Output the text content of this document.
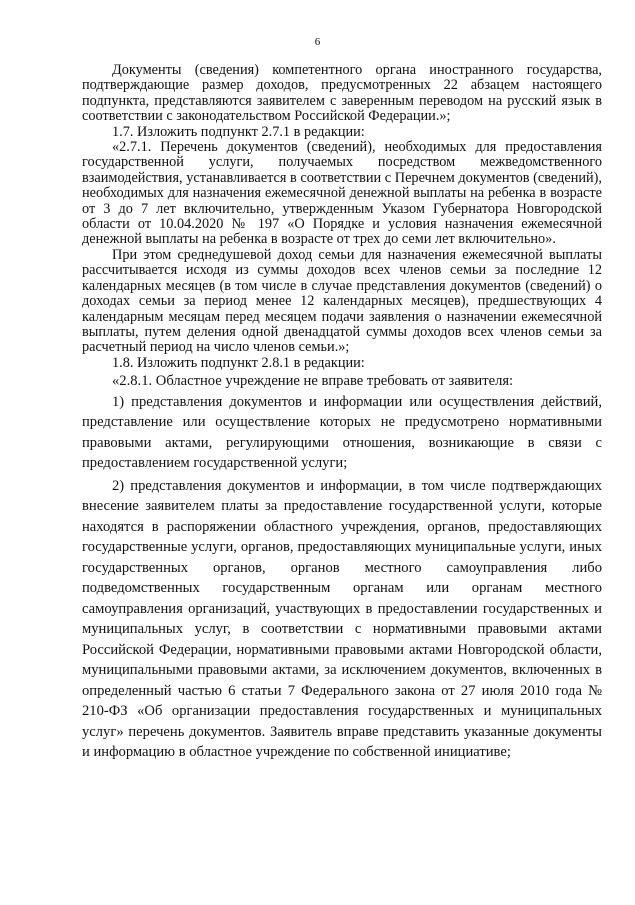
6

Документы (сведения) компетентного органа иностранного государства, подтверждающие размер доходов, предусмотренных 22 абзацем настоящего подпункта, представляются заявителем с заверенным переводом на русский язык в соответствии с законодательством Российской Федерации.»;

1.7. Изложить подпункт 2.7.1 в редакции:

«2.7.1. Перечень документов (сведений), необходимых для предоставления государственной услуги, получаемых посредством межведомственного взаимодействия, устанавливается в соответствии с Перечнем документов (сведений), необходимых для назначения ежемесячной денежной выплаты на ребенка в возрасте от 3 до 7 лет включительно, утвержденным Указом Губернатора Новгородской области от 10.04.2020 № 197 «О Порядке и условия назначения ежемесячной денежной выплаты на ребенка в возрасте от трех до семи лет включительно».

При этом среднедушевой доход семьи для назначения ежемесячной выплаты рассчитывается исходя из суммы доходов всех членов семьи за последние 12 календарных месяцев (в том числе в случае представления документов (сведений) о доходах семьи за период менее 12 календарных месяцев), предшествующих 4 календарным месяцам перед месяцем подачи заявления о назначении ежемесячной выплаты, путем деления одной двенадцатой суммы доходов всех членов семьи за расчетный период на число членов семьи.»;

1.8. Изложить подпункт 2.8.1 в редакции:

«2.8.1. Областное учреждение не вправе требовать от заявителя:

1) представления документов и информации или осуществления действий, представление или осуществление которых не предусмотрено нормативными правовыми актами, регулирующими отношения, возникающие в связи с предоставлением государственной услуги;

2) представления документов и информации, в том числе подтверждающих внесение заявителем платы за предоставление государственной услуги, которые находятся в распоряжении областного учреждения, органов, предоставляющих государственные услуги, органов, предоставляющих муниципальные услуги, иных государственных органов, органов местного самоуправления либо подведомственных государственным органам или органам местного самоуправления организаций, участвующих в предоставлении государственных и муниципальных услуг, в соответствии с нормативными правовыми актами Российской Федерации, нормативными правовыми актами Новгородской области, муниципальными правовыми актами, за исключением документов, включенных в определенный частью 6 статьи 7 Федерального закона от 27 июля 2010 года № 210-ФЗ «Об организации предоставления государственных и муниципальных услуг» перечень документов. Заявитель вправе представить указанные документы и информацию в областное учреждение по собственной инициативе;
